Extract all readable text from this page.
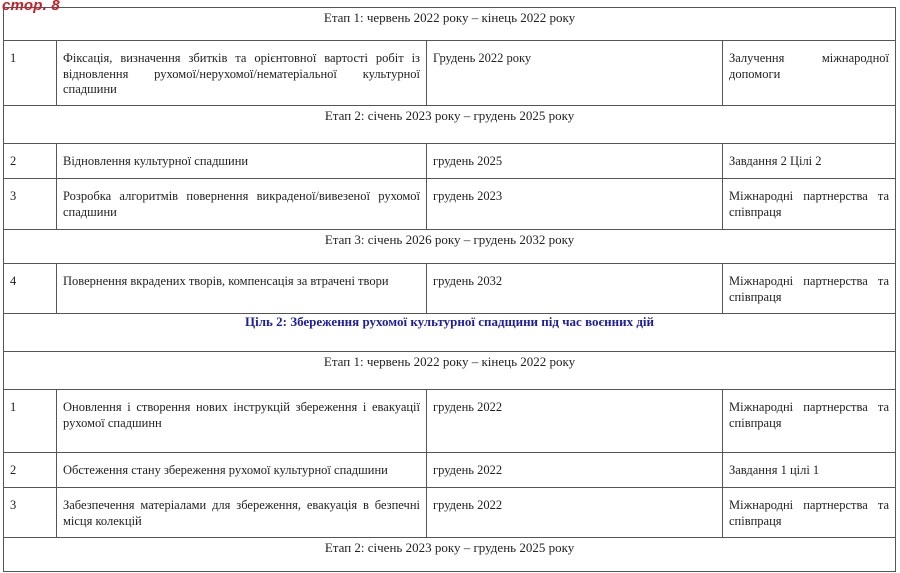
стор. 8
Етап 1: червень 2022 року – кінець 2022 року			

1	Фіксація, визначення збитків та орієнтовної вартості робіт із відновлення рухомої/нерухомої/нематеріальної культурної спадшини	Грудень 2022 року	Залучення міжнародної допомоги

Етап 2: січень 2023 року – грудень 2025 року			

2	Відновлення культурної спадшини	грудень 2025	Завдання 2 Цілі 2

3	Розробка алгоритмів повернення викраденої/вивезеної рухомої спадшини	грудень 2023	Міжнародні партнерства та співпраця

Етап 3: січень 2026 року – грудень 2032 року			

4	Повернення вкрадених творів, компенсація за втрачені твори	грудень 2032	Міжнародні партнерства та співпраця

Ціль 2: Збереження рухомої культурної спадщини під час воєнних дій			

Етап 1: червень 2022 року – кінець 2022 року			

1	Оновлення і створення нових інструкцій збереження і евакуації рухомої спадшинн	грудень 2022	Міжнародні партнерства та співпраця

2	Обстеження стану збереження рухомої культурної спадшини	грудень 2022	Завдання 1 цілі 1

3	Забезпечення матеріалами для збереження, евакуація в безпечні місця колекцій	грудень 2022	Міжнародні партнерства та співпраця

Етап 2: січень 2023 року – грудень 2025 року			
